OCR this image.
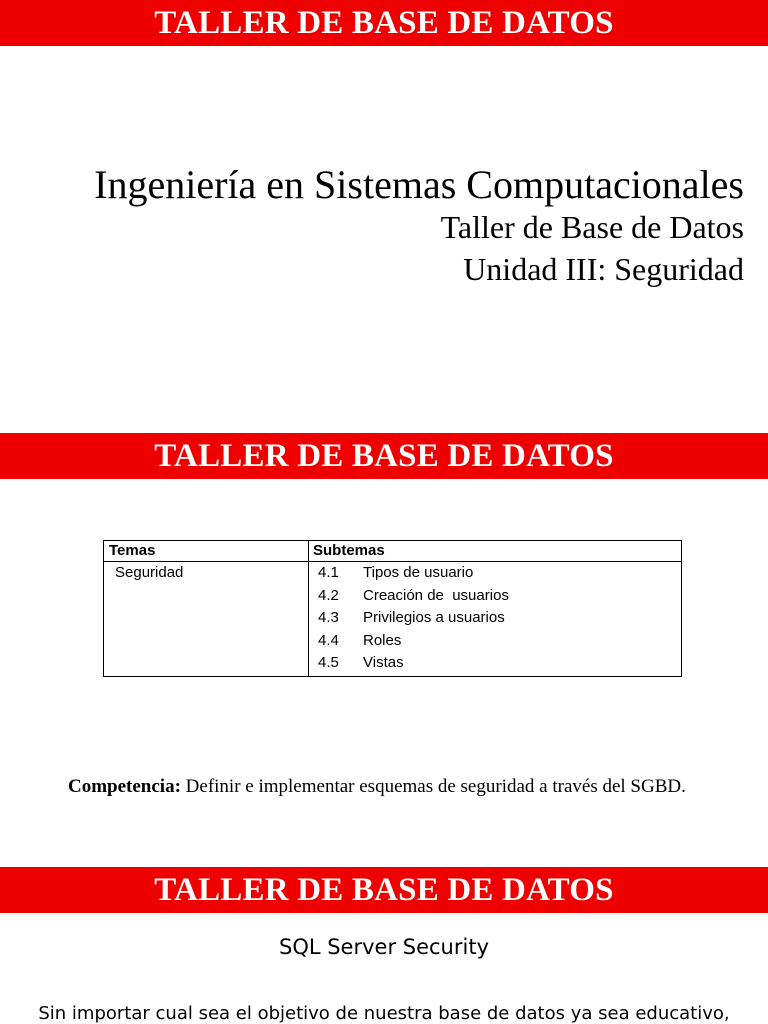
TALLER DE BASE DE DATOS
Ingeniería en Sistemas Computacionales
Taller de Base de Datos
Unidad III: Seguridad
TALLER DE BASE DE DATOS
Temas	Subtemas
Seguridad	4.1 Tipos de usuario
4.2 Creación de  usuarios
4.3 Privilegios a usuarios
4.4 Roles
4.5 Vistas
Competencia: Definir e implementar esquemas de seguridad a través del SGBD.
TALLER DE BASE DE DATOS
SQL Server Security
Sin importar cual sea el objetivo de nuestra base de datos ya sea educativo,
